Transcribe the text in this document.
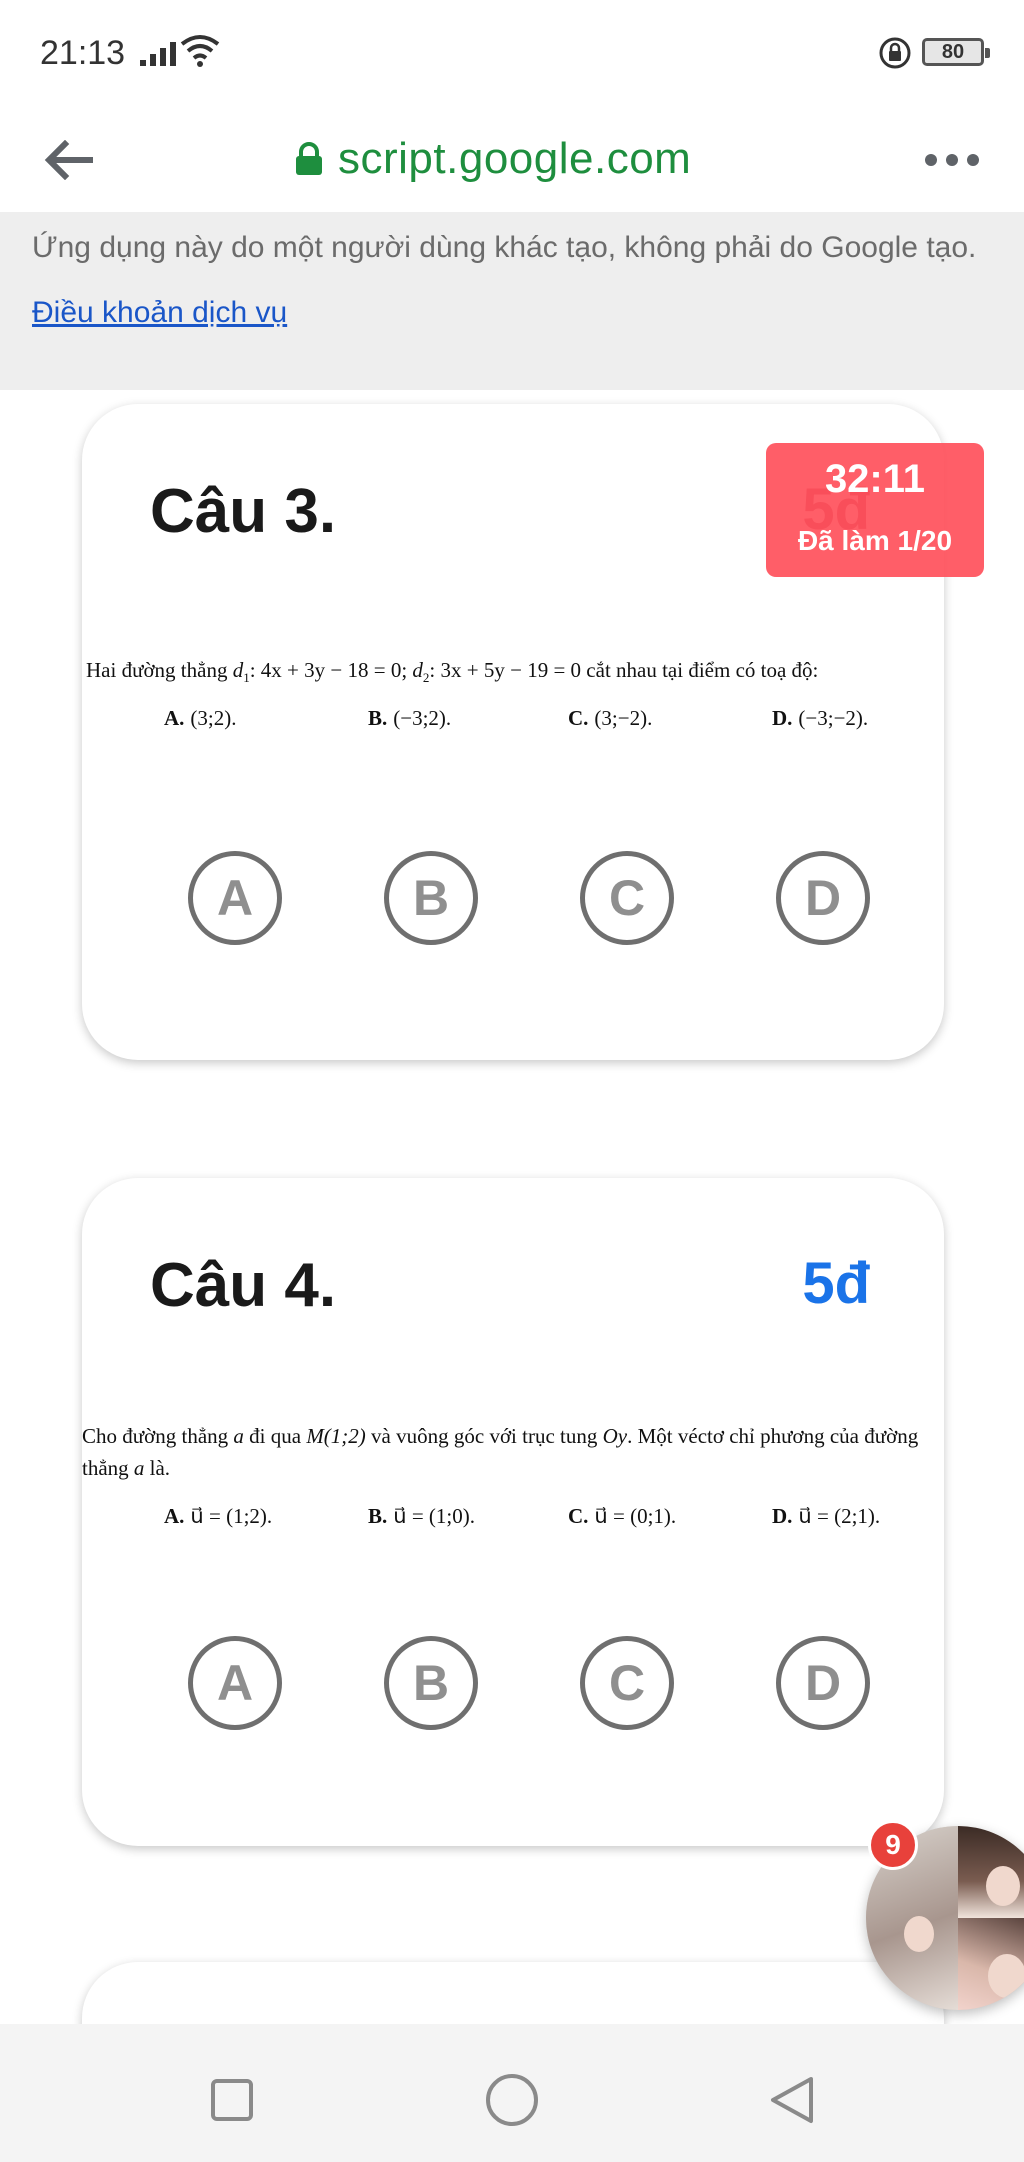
21:13	80
script.google.com
Ứng dụng này do một người dùng khác tạo, không phải do Google tạo.
Điều khoản dịch vụ
Câu 3.
Hai đường thẳng $d_1$: 4x + 3y − 18 = 0; $d_2$: 3x + 5y − 19 = 0 cắt nhau tại điểm có toạ độ:
A. (3;2).	B. (−3;2).	C. (3;−2).	D. (−3;−2).
A	B	C	D
Câu 4.	5đ
Cho đường thẳng a đi qua M(1;2) và vuông góc với trục tung Oy. Một véctơ chỉ phương của đường thẳng a là.
A. u⃗ = (1;2).	B. u⃗ = (1;0).	C. u⃗ = (0;1).	D. u⃗ = (2;1).
A	B	C	D
32:11
Đã làm 1/20
9
